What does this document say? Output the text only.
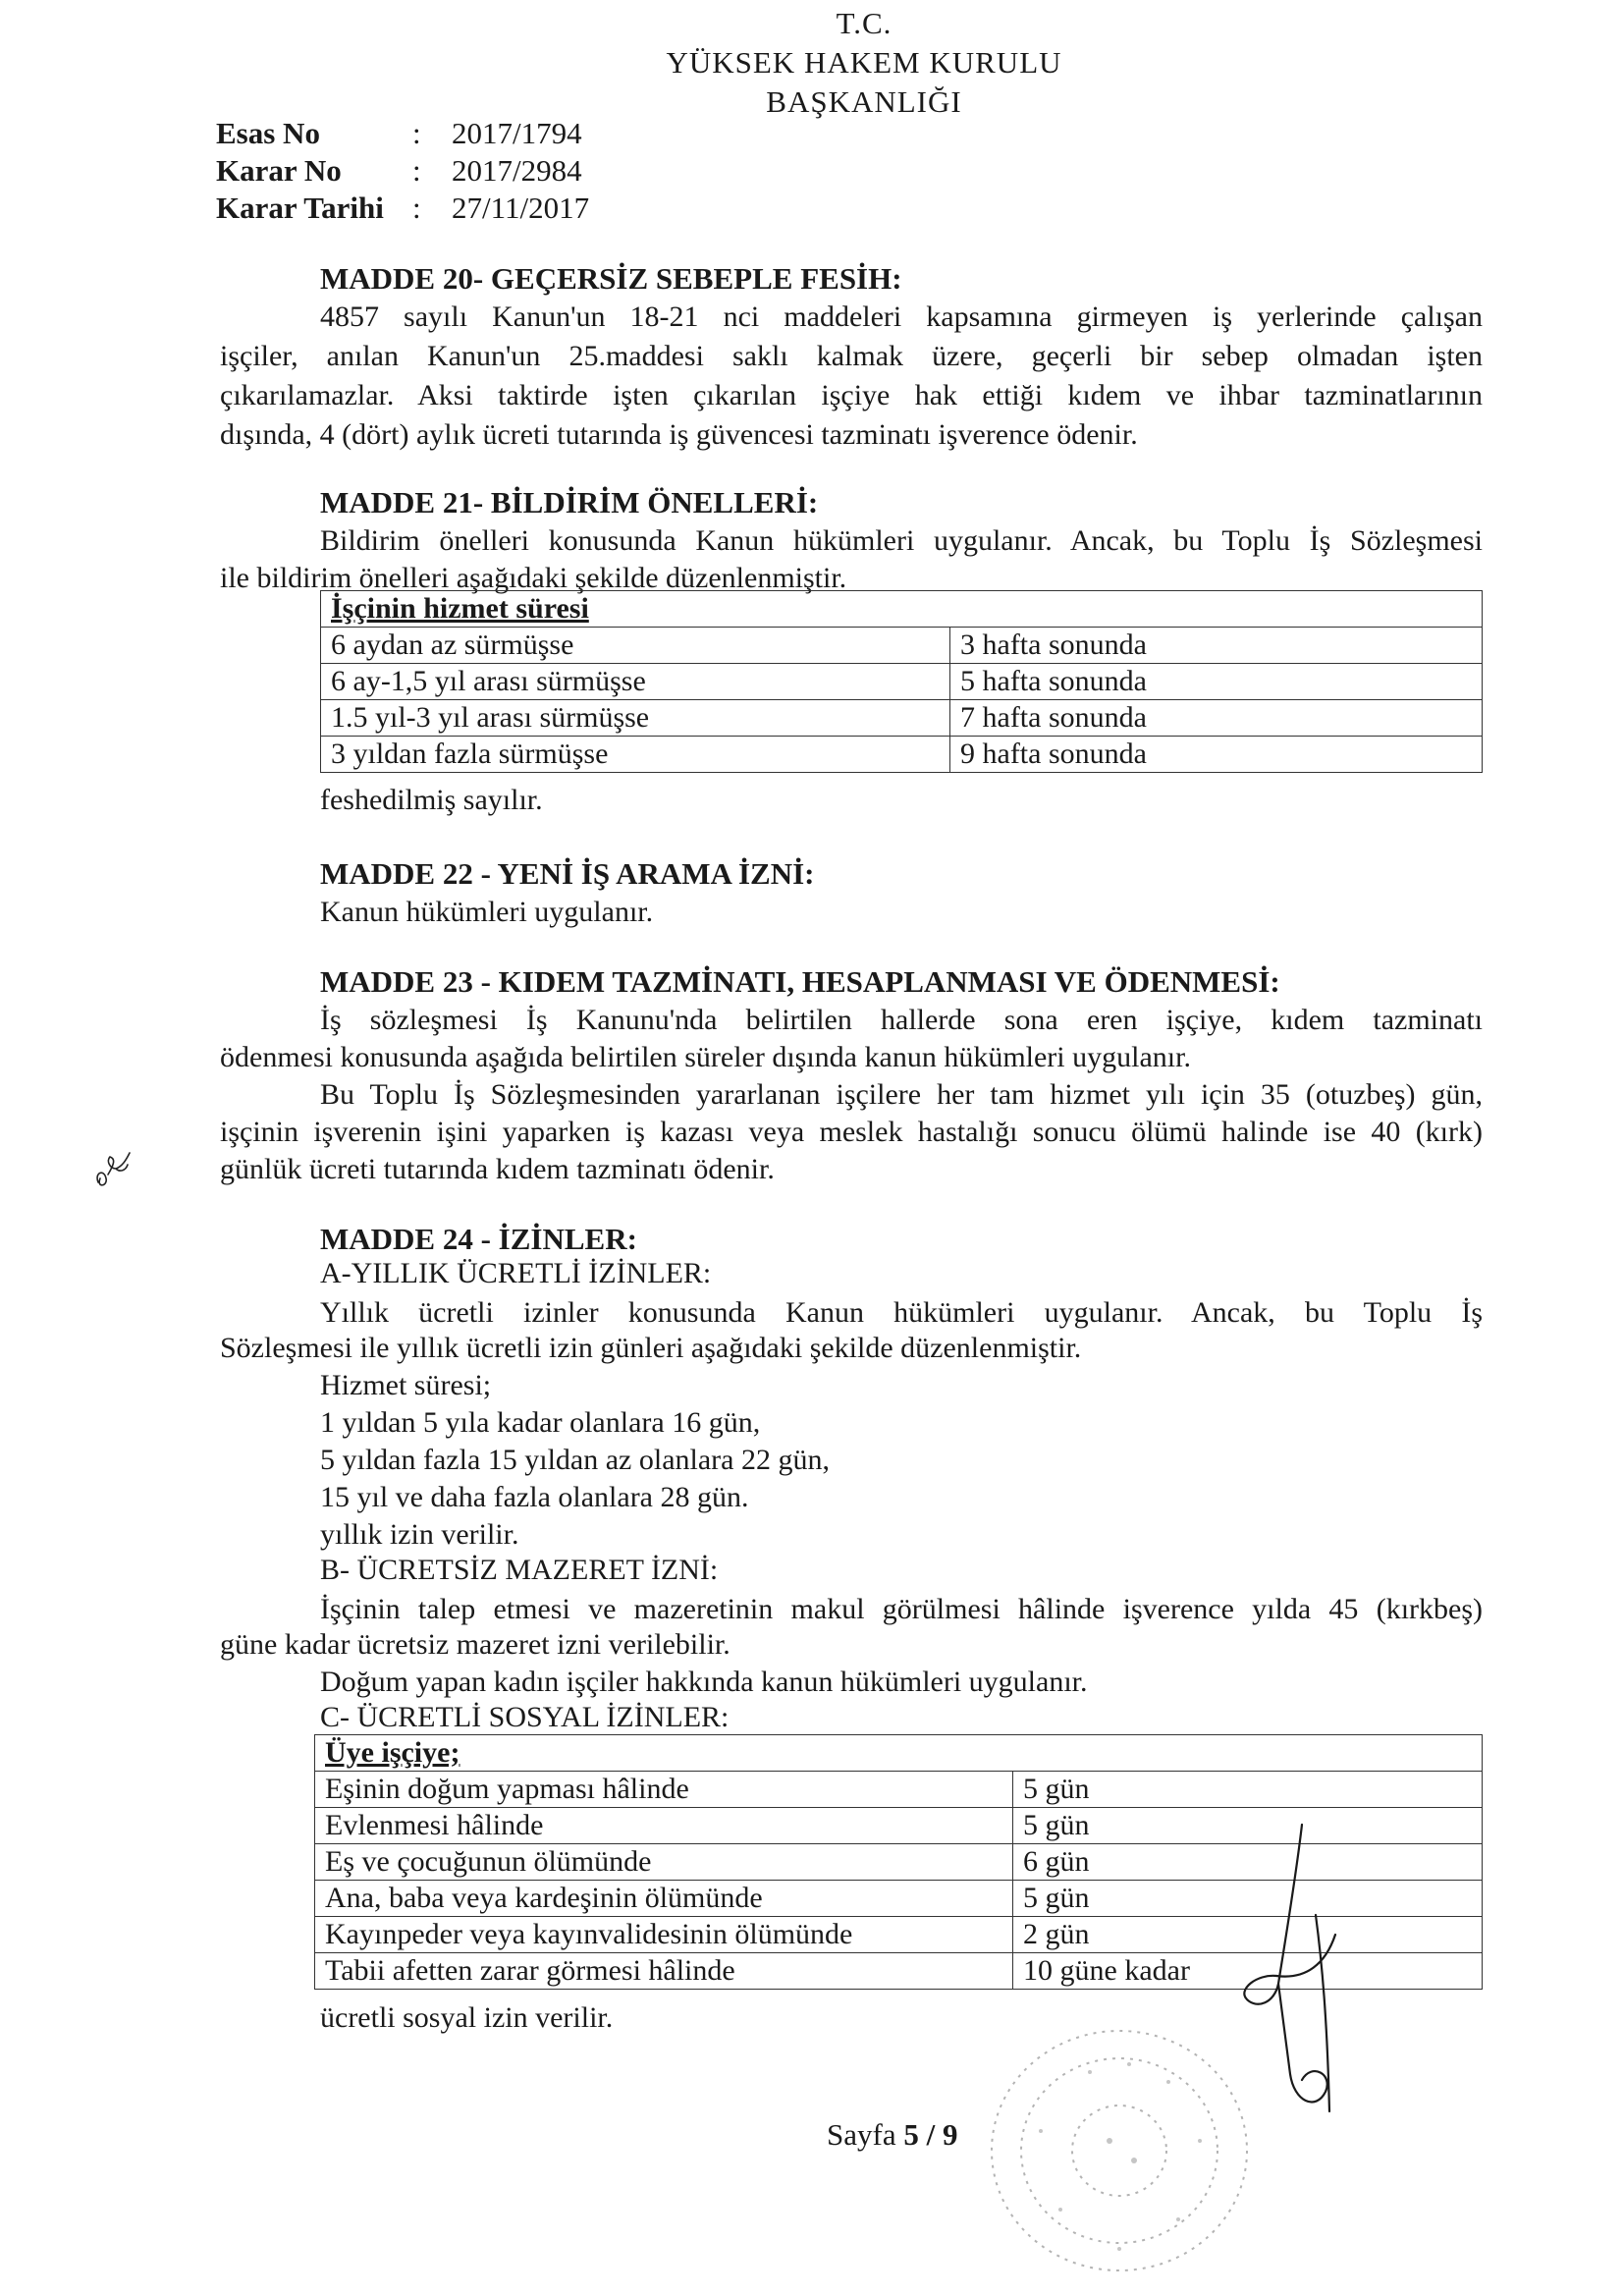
T.C.
YÜKSEK HAKEM KURULU
BAŞKANLIĞI
Esas No	: 2017/1794
Karar No : 2017/2984
Karar Tarihi : 27/11/2017
MADDE 20- GEÇERSİZ SEBEPLE FESİH:
4857 sayılı Kanun'un 18-21 nci maddeleri kapsamına girmeyen iş yerlerinde çalışan
işçiler, anılan Kanun'un 25.maddesi saklı kalmak üzere, geçerli bir sebep olmadan işten
çıkarılamazlar. Aksi taktirde işten çıkarılan işçiye hak ettiği kıdem ve ihbar tazminatlarının
dışında, 4 (dört) aylık ücreti tutarında iş güvencesi tazminatı işverence ödenir.
MADDE 21- BİLDİRİM ÖNELLERİ:
Bildirim önelleri konusunda Kanun hükümleri uygulanır. Ancak, bu Toplu İş Sözleşmesi
ile bildirim önelleri aşağıdaki şekilde düzenlenmiştir.
İşçinin hizmet süresi	
6 aydan az sürmüşse	3 hafta sonunda
6 ay-1,5 yıl arası sürmüşse	5 hafta sonunda
1.5 yıl-3 yıl arası sürmüşse	7 hafta sonunda
3 yıldan fazla sürmüşse	9 hafta sonunda
feshedilmiş sayılır.
MADDE 22 - YENİ İŞ ARAMA İZNİ:
Kanun hükümleri uygulanır.
MADDE 23 - KIDEM TAZMİNATI, HESAPLANMASI VE ÖDENMESİ:
İş sözleşmesi İş Kanunu'nda belirtilen hallerde sona eren işçiye, kıdem tazminatı
ödenmesi konusunda aşağıda belirtilen süreler dışında kanun hükümleri uygulanır.
Bu Toplu İş Sözleşmesinden yararlanan işçilere her tam hizmet yılı için 35 (otuzbeş) gün,
işçinin işverenin işini yaparken iş kazası veya meslek hastalığı sonucu ölümü halinde ise 40 (kırk)
günlük ücreti tutarında kıdem tazminatı ödenir.
MADDE 24 - İZİNLER:
A-YILLIK ÜCRETLİ İZİNLER:
Yıllık ücretli izinler konusunda Kanun hükümleri uygulanır. Ancak, bu Toplu İş
Sözleşmesi ile yıllık ücretli izin günleri aşağıdaki şekilde düzenlenmiştir.
Hizmet süresi;
1 yıldan 5 yıla kadar olanlara 16 gün,
5 yıldan fazla 15 yıldan az olanlara 22 gün,
15 yıl ve daha fazla olanlara 28 gün.
yıllık izin verilir.
B- ÜCRETSİZ MAZERET İZNİ:
İşçinin talep etmesi ve mazeretinin makul görülmesi hâlinde işverence yılda 45 (kırkbeş)
güne kadar ücretsiz mazeret izni verilebilir.
Doğum yapan kadın işçiler hakkında kanun hükümleri uygulanır.
C- ÜCRETLİ SOSYAL İZİNLER:
Üye işçiye;	
Eşinin doğum yapması hâlinde	5 gün
Evlenmesi hâlinde	5 gün
Eş ve çocuğunun ölümünde	6 gün
Ana, baba veya kardeşinin ölümünde	5 gün
Kayınpeder veya kayınvalidesinin ölümünde	2 gün
Tabii afetten zarar görmesi hâlinde	10 güne kadar
ücretli sosyal izin verilir.
Sayfa 5 / 9
